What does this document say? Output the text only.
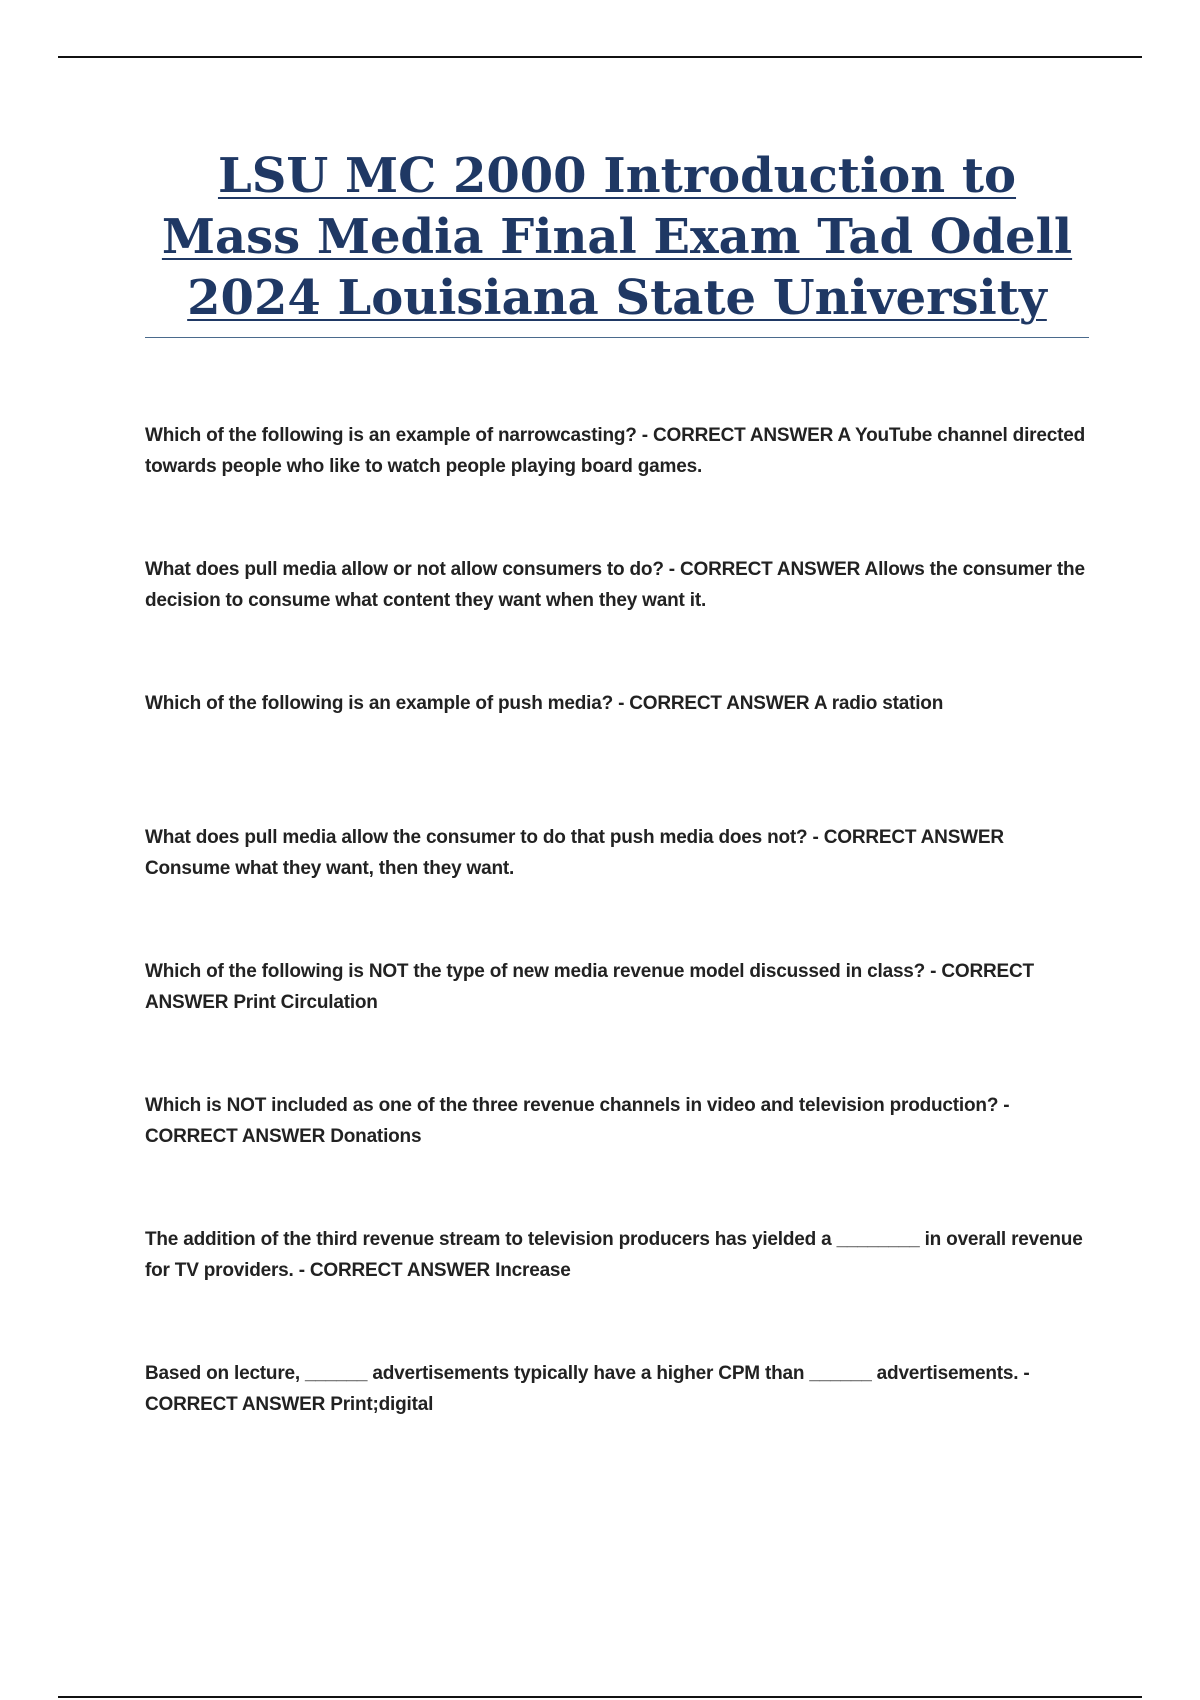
LSU MC 2000 Introduction to Mass Media Final Exam Tad Odell 2024 Louisiana State University

Which of the following is an example of narrowcasting? - CORRECT ANSWER A YouTube channel directed towards people who like to watch people playing board games.

What does pull media allow or not allow consumers to do? - CORRECT ANSWER Allows the consumer the decision to consume what content they want when they want it.

Which of the following is an example of push media? - CORRECT ANSWER A radio station

What does pull media allow the consumer to do that push media does not? - CORRECT ANSWER Consume what they want, then they want.

Which of the following is NOT the type of new media revenue model discussed in class? - CORRECT ANSWER Print Circulation

Which is NOT included as one of the three revenue channels in video and television production? - CORRECT ANSWER Donations

The addition of the third revenue stream to television producers has yielded a ________ in overall revenue for TV providers. - CORRECT ANSWER Increase

Based on lecture, ______ advertisements typically have a higher CPM than ______ advertisements. - CORRECT ANSWER Print;digital
